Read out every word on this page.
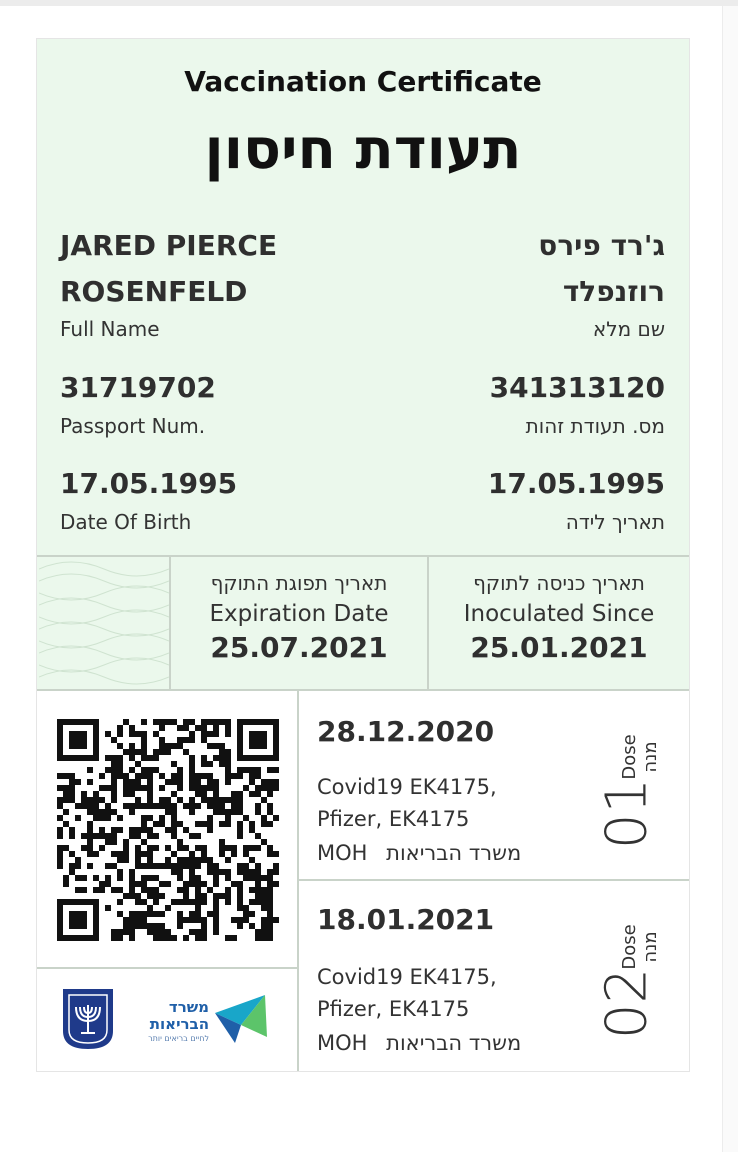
Vaccination Certificate
תעודת חיסון
JARED PIERCE
ROSENFELD
Full Name
ג'רד פירס
רוזנפלד
שם מלא
31719702
Passport Num.
341313120
מס. תעודת זהות
17.05.1995
Date Of Birth
17.05.1995
תאריך לידה
תאריך תפוגת התוקף
Expiration Date
25.07.2021
תאריך כניסה לתוקף
Inoculated Since
25.01.2021
28.12.2020
Covid19 EK4175,
Pfizer, EK4175
MOH משרד הבריאות
01
Dose מנה
18.01.2021
Covid19 EK4175,
Pfizer, EK4175
MOH משרד הבריאות
02
Dose מנה
משרד
הבריאות
לחיים בריאים יותר
